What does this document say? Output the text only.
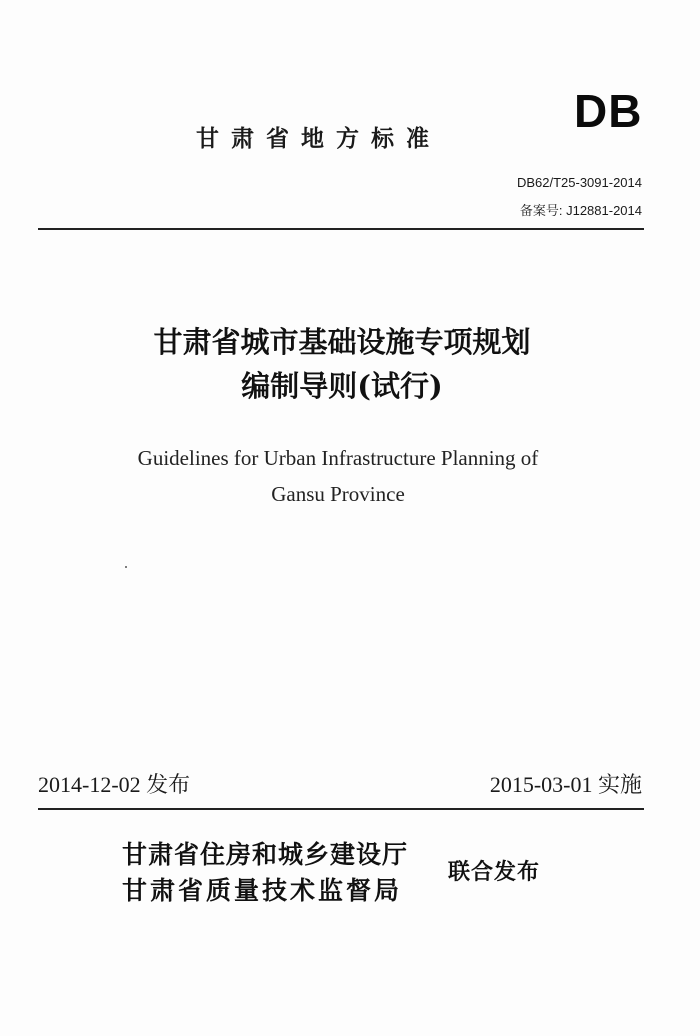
DB
甘肃省地方标准
DB62/T25-3091-2014
备案号: J12881-2014
甘肃省城市基础设施专项规划
编制导则(试行)
Guidelines for Urban Infrastructure Planning of
Gansu Province
2014-12-02 发布	2015-03-01 实施
甘肃省住房和城乡建设厅
甘肃省质量技术监督局
联合发布
